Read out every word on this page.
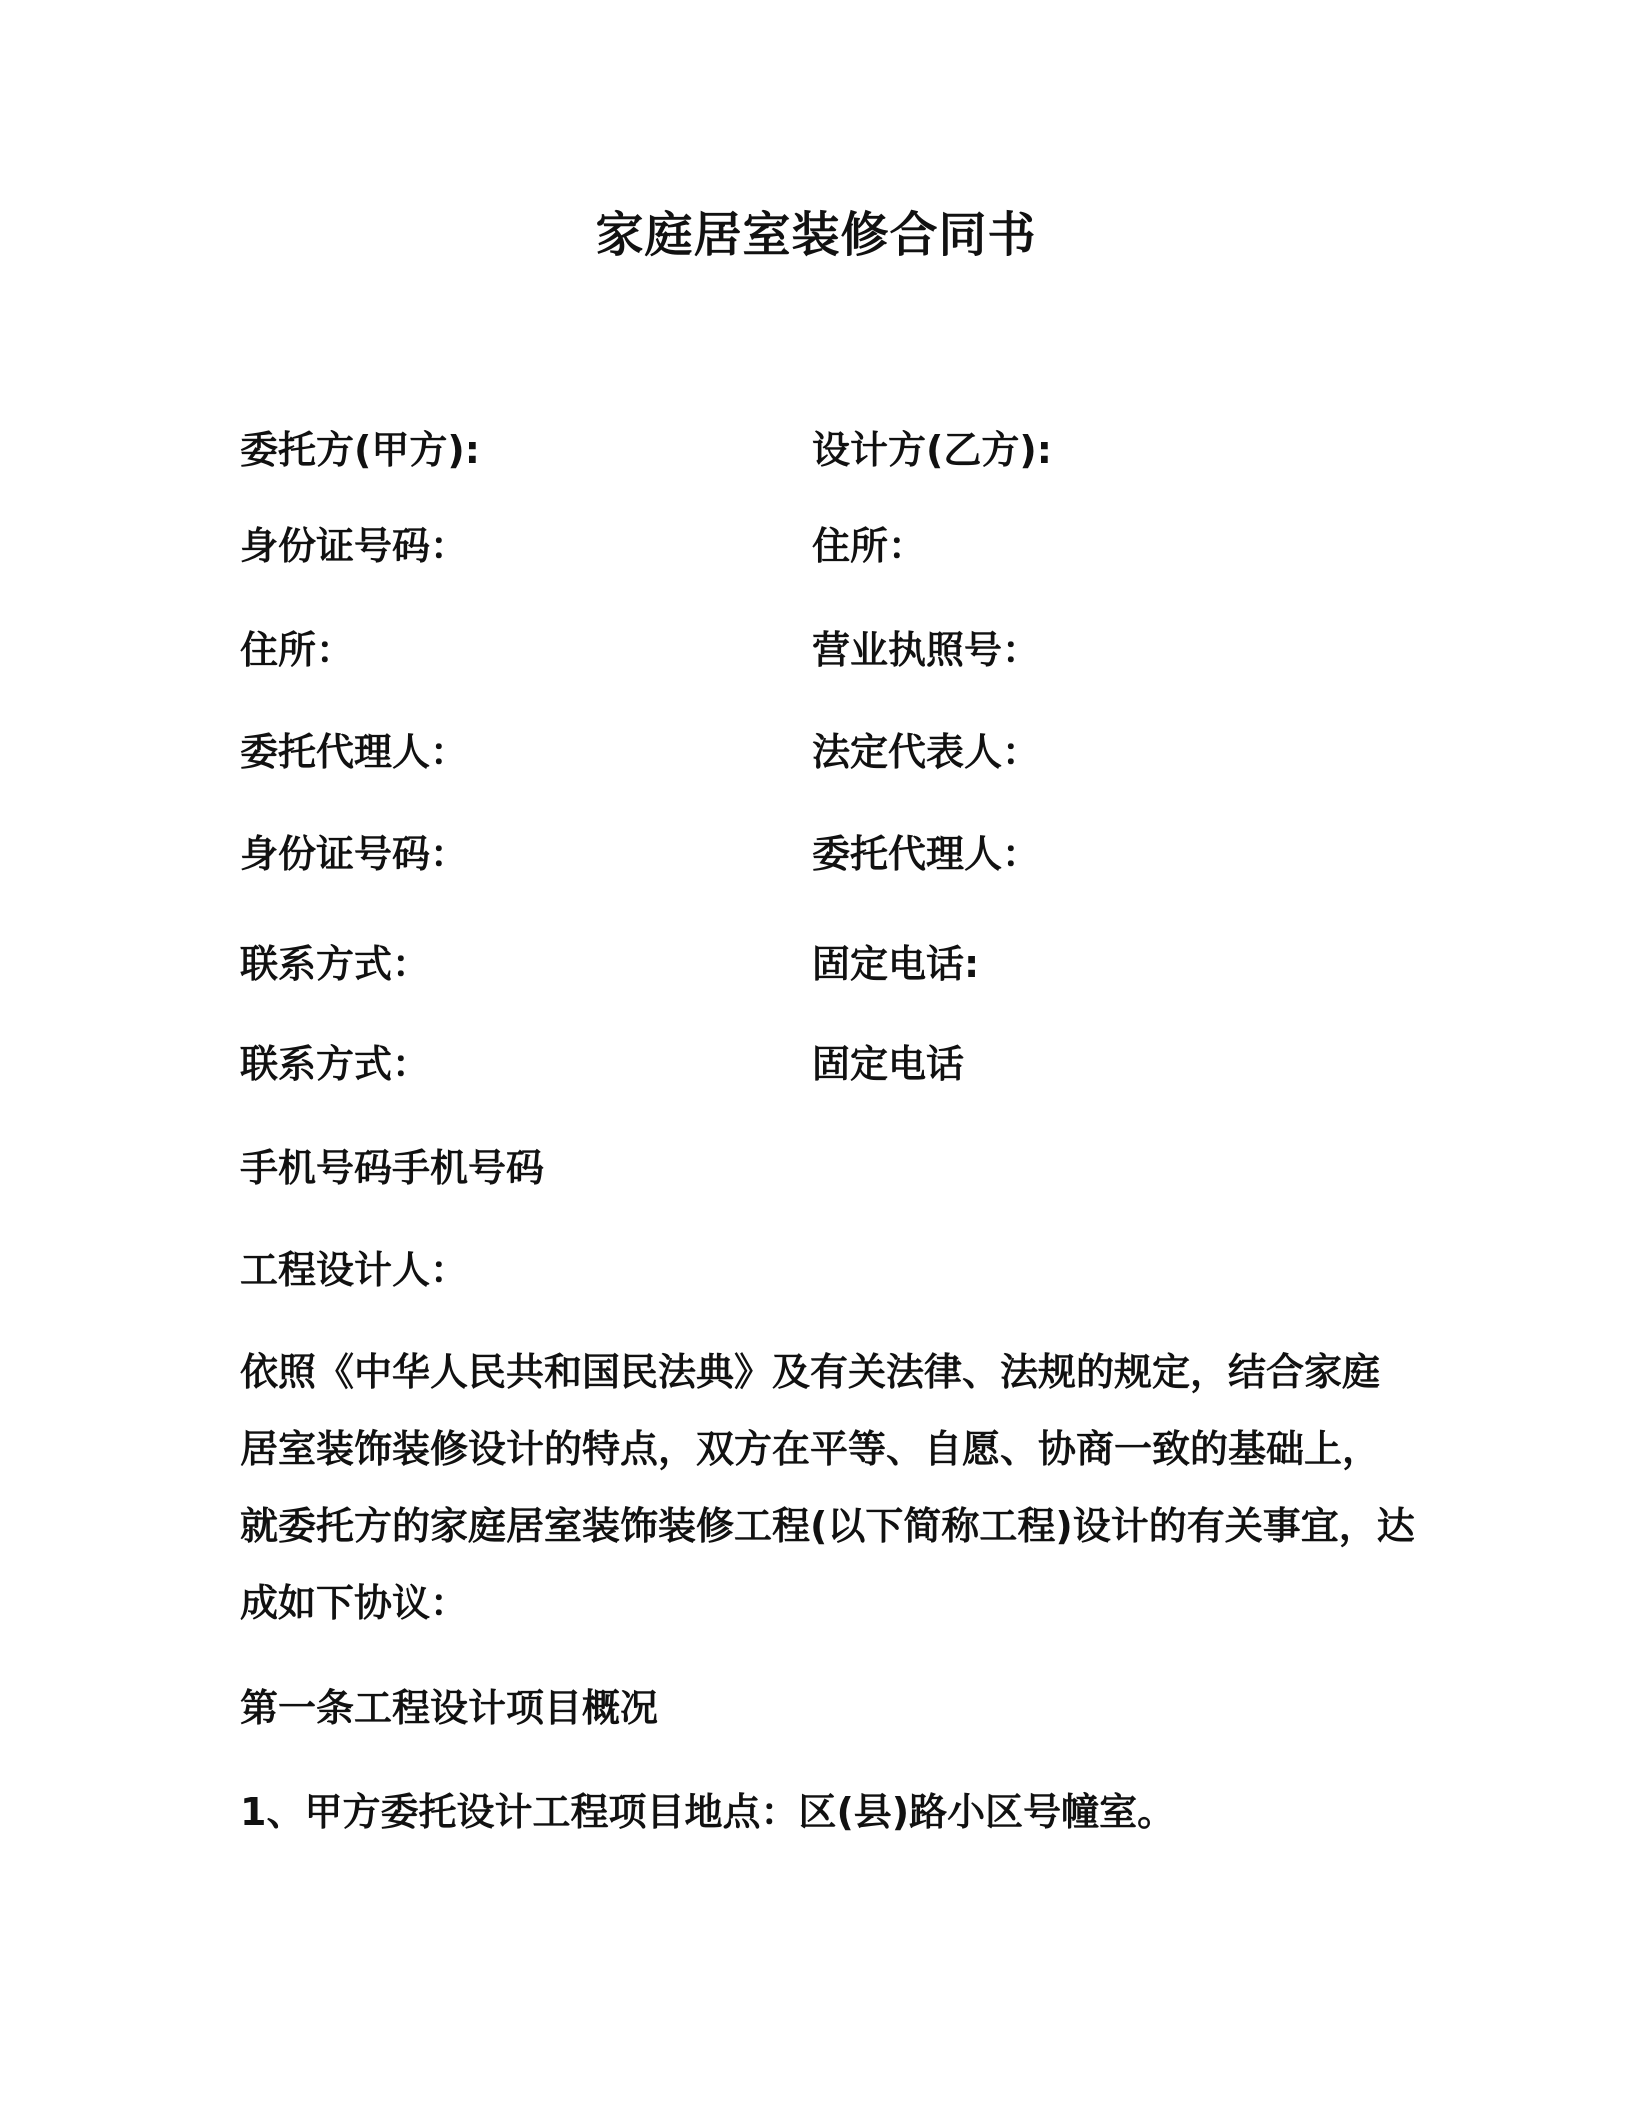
家庭居室装修合同书
委托方(甲方):	设计方(乙方):
身份证号码：	住所：
住所：	营业执照号：
委托代理人：	法定代表人：
身份证号码：	委托代理人：
联系方式：	固定电话:
联系方式：	固定电话
手机号码手机号码
工程设计人：
依照《中华人民共和国民法典》及有关法律、法规的规定，结合家庭
居室装饰装修设计的特点，双方在平等、自愿、协商一致的基础上，
就委托方的家庭居室装饰装修工程(以下简称工程)设计的有关事宜，达
成如下协议：
第一条工程设计项目概况
1、甲方委托设计工程项目地点：区(县)路小区号幢室。
